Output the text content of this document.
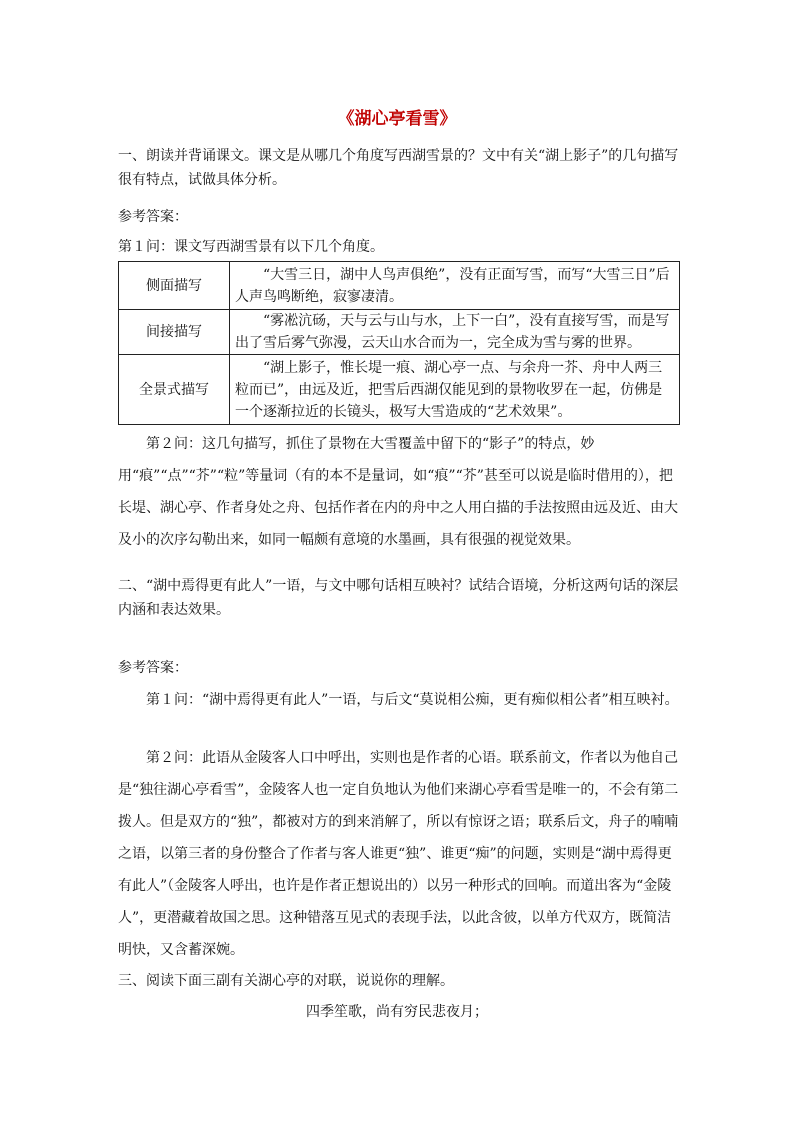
《湖心亭看雪》

一、朗读并背诵课文。课文是从哪几个角度写西湖雪景的？文中有关“湖上影子”的几句描写很有特点，试做具体分析。

参考答案：

第１问：课文写西湖雪景有以下几个角度。

侧面描写	“大雪三日，湖中人鸟声俱绝”，没有正面写雪，而写“大雪三日”后人声鸟鸣断绝，寂寥凄清。
间接描写	“雾凇沆砀，天与云与山与水，上下一白”，没有直接写雪，而是写出了雪后雾气弥漫，云天山水合而为一，完全成为雪与雾的世界。
全景式描写	“湖上影子，惟长堤一痕、湖心亭一点、与余舟一芥、舟中人两三粒而已”，由远及近，把雪后西湖仅能见到的景物收罗在一起，仿佛是一个逐渐拉近的长镜头，极写大雪造成的“艺术效果”。

第２问：这几句描写，抓住了景物在大雪覆盖中留下的“影子”的特点，妙用“痕”“点”“芥”“粒”等量词（有的本不是量词，如“痕”“芥”甚至可以说是临时借用的），把长堤、湖心亭、作者身处之舟、包括作者在内的舟中之人用白描的手法按照由远及近、由大及小的次序勾勒出来，如同一幅颇有意境的水墨画，具有很强的视觉效果。

二、“湖中焉得更有此人”一语，与文中哪句话相互映衬？试结合语境，分析这两句话的深层内涵和表达效果。

参考答案：

第１问：“湖中焉得更有此人”一语，与后文“莫说相公痴，更有痴似相公者”相互映衬。

第２问：此语从金陵客人口中呼出，实则也是作者的心语。联系前文，作者以为他自己是“独往湖心亭看雪”，金陵客人也一定自负地认为他们来湖心亭看雪是唯一的，不会有第二拨人。但是双方的“独”，都被对方的到来消解了，所以有惊讶之语；联系后文，舟子的喃喃之语，以第三者的身份整合了作者与客人谁更“独”、谁更“痴”的问题，实则是“湖中焉得更有此人”（金陵客人呼出，也许是作者正想说出的）以另一种形式的回响。而道出客为“金陵人”，更潜藏着故国之思。这种错落互见式的表现手法，以此含彼，以单方代双方，既简洁明快，又含蓄深婉。

三、阅读下面三副有关湖心亭的对联，说说你的理解。

四季笙歌，尚有穷民悲夜月；
